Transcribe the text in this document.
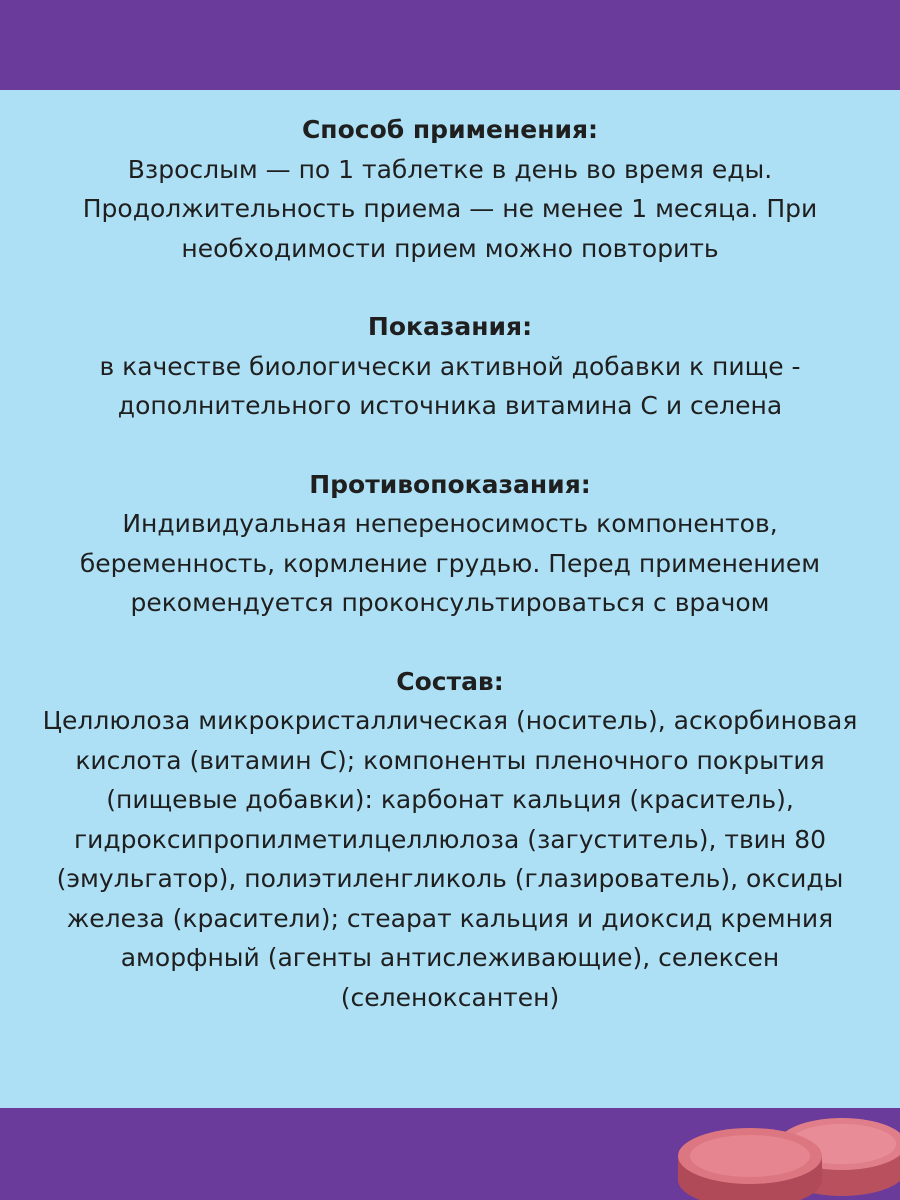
Способ применения:
Взрослым — по 1 таблетке в день во время еды.
Продолжительность приема — не менее 1 месяца. При
необходимости прием можно повторить
Показания:
в качестве биологически активной добавки к пище -
дополнительного источника витамина С и селена
Противопоказания:
Индивидуальная непереносимость компонентов,
беременность, кормление грудью. Перед применением
рекомендуется проконсультироваться с врачом
Состав:
Целлюлоза микрокристаллическая (носитель), аскорбиновая
кислота (витамин С); компоненты пленочного покрытия
(пищевые добавки): карбонат кальция (краситель),
гидроксипропилметилцеллюлоза (загуститель), твин 80
(эмульгатор), полиэтиленгликоль (глазирователь), оксиды
железа (красители); стеарат кальция и диоксид кремния
аморфный (агенты антислеживающие), селексен
(селеноксантен)
